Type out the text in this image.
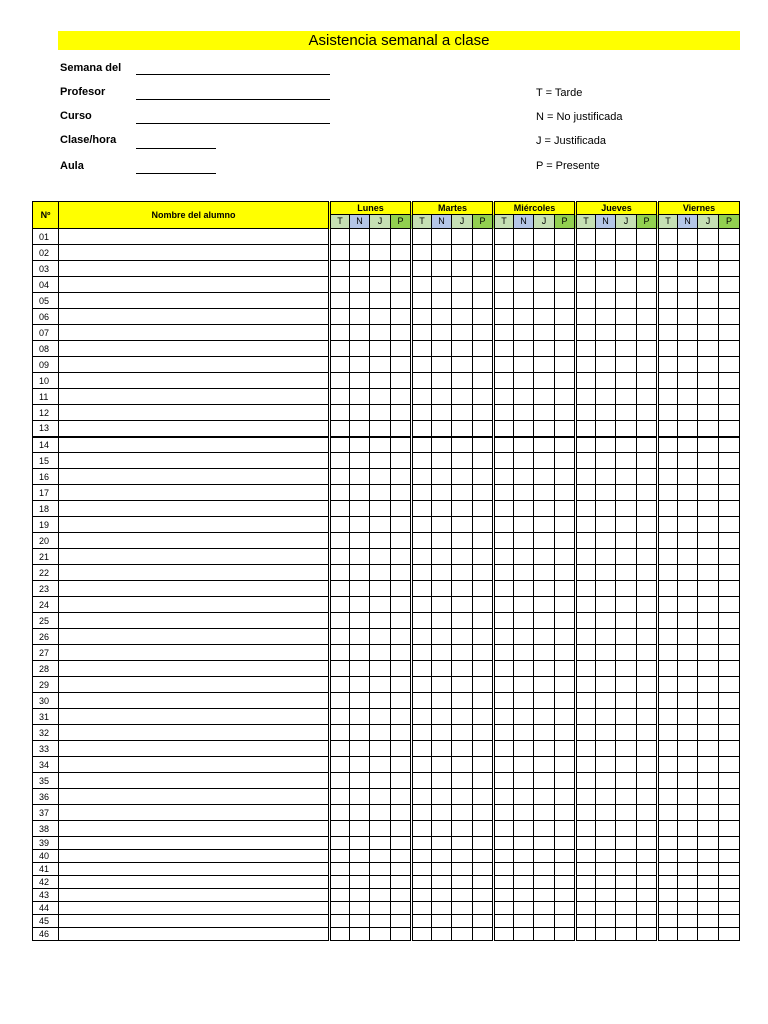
Asistencia semanal a clase
Semana del
Profesor
Curso
Clase/hora
Aula
T = Tarde
N = No justificada
J = Justificada
P = Presente
Nº	Nombre del alumno	Lunes				Martes				Miércoles				Jueves				Viernes			
		T	N	J	P	T	N	J	P	T	N	J	P	T	N	J	P	T	N	J	P
01																					
02																					
03																					
04																					
05																					
06																					
07																					
08																					
09																					
10																					
11																					
12																					
13																					
14																					
15																					
16																					
17																					
18																					
19																					
20																					
21																					
22																					
23																					
24																					
25																					
26																					
27																					
28																					
29																					
30																					
31																					
32																					
33																					
34																					
35																					
36																					
37																					
38																					
39																					
40																					
41																					
42																					
43																					
44																					
45																					
46																					
